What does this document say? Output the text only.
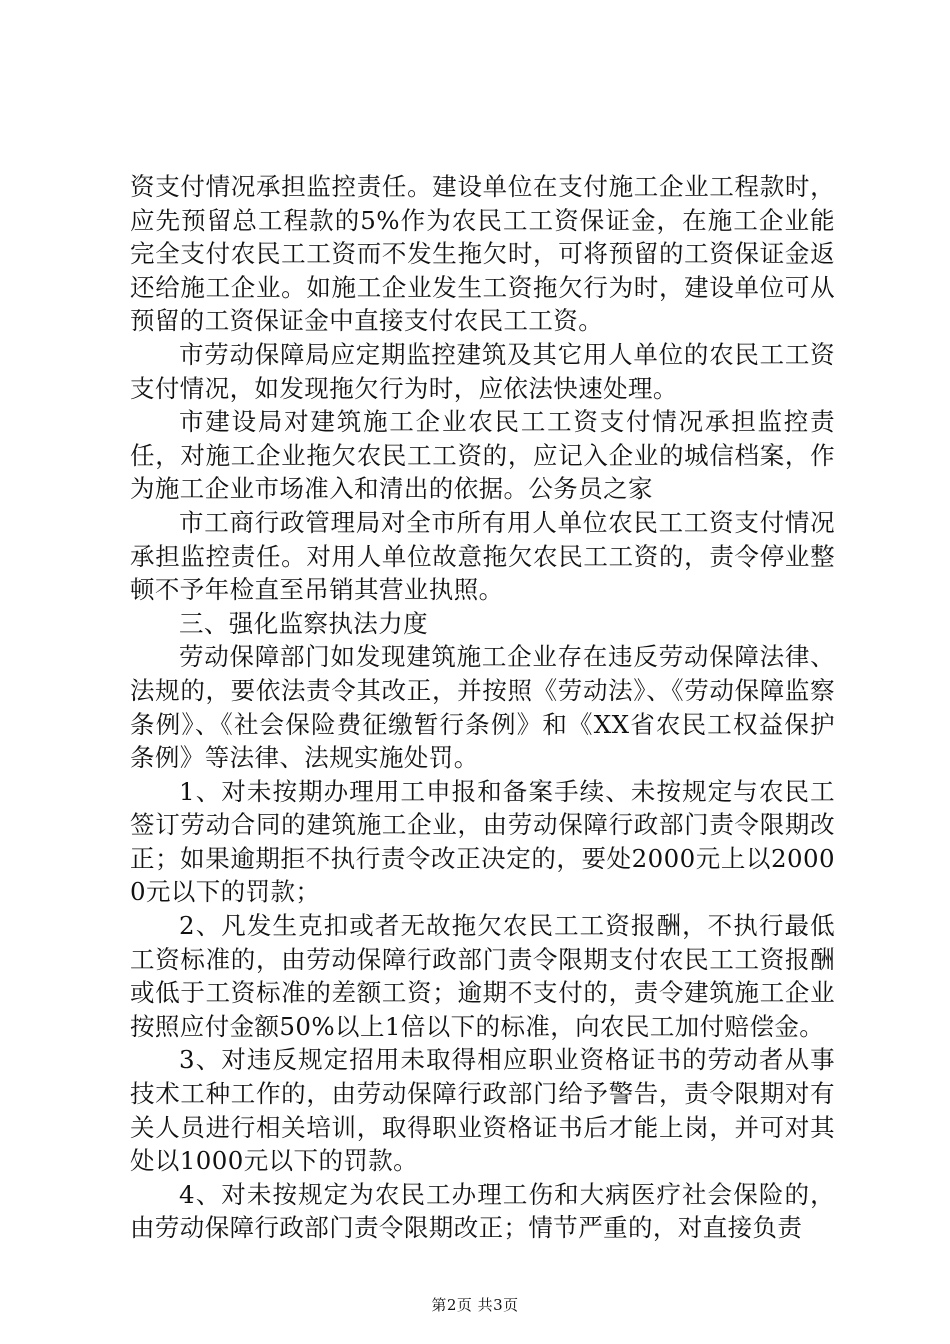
资支付情况承担监控责任。建设单位在支付施工企业工程款时，应先预留总工程款的5%作为农民工工资保证金，在施工企业能完全支付农民工工资而不发生拖欠时，可将预留的工资保证金返还给施工企业。如施工企业发生工资拖欠行为时，建设单位可从预留的工资保证金中直接支付农民工工资。

市劳动保障局应定期监控建筑及其它用人单位的农民工工资支付情况，如发现拖欠行为时，应依法快速处理。

市建设局对建筑施工企业农民工工资支付情况承担监控责任，对施工企业拖欠农民工工资的，应记入企业的城信档案，作为施工企业市场准入和清出的依据。公务员之家

市工商行政管理局对全市所有用人单位农民工工资支付情况承担监控责任。对用人单位故意拖欠农民工工资的，责令停业整顿不予年检直至吊销其营业执照。

三、强化监察执法力度

劳动保障部门如发现建筑施工企业存在违反劳动保障法律、法规的，要依法责令其改正，并按照《劳动法》、《劳动保障监察条例》、《社会保险费征缴暂行条例》和《XX省农民工权益保护条例》等法律、法规实施处罚。

1、对未按期办理用工申报和备案手续、未按规定与农民工签订劳动合同的建筑施工企业，由劳动保障行政部门责令限期改正；如果逾期拒不执行责令改正决定的，要处2000元上以20000元以下的罚款；

2、凡发生克扣或者无故拖欠农民工工资报酬，不执行最低工资标准的，由劳动保障行政部门责令限期支付农民工工资报酬或低于工资标准的差额工资；逾期不支付的，责令建筑施工企业按照应付金额50%以上1倍以下的标准，向农民工加付赔偿金。

3、对违反规定招用未取得相应职业资格证书的劳动者从事技术工种工作的，由劳动保障行政部门给予警告，责令限期对有关人员进行相关培训，取得职业资格证书后才能上岗，并可对其处以1000元以下的罚款。

4、对未按规定为农民工办理工伤和大病医疗社会保险的，由劳动保障行政部门责令限期改正；情节严重的，对直接负责

第2页 共3页
